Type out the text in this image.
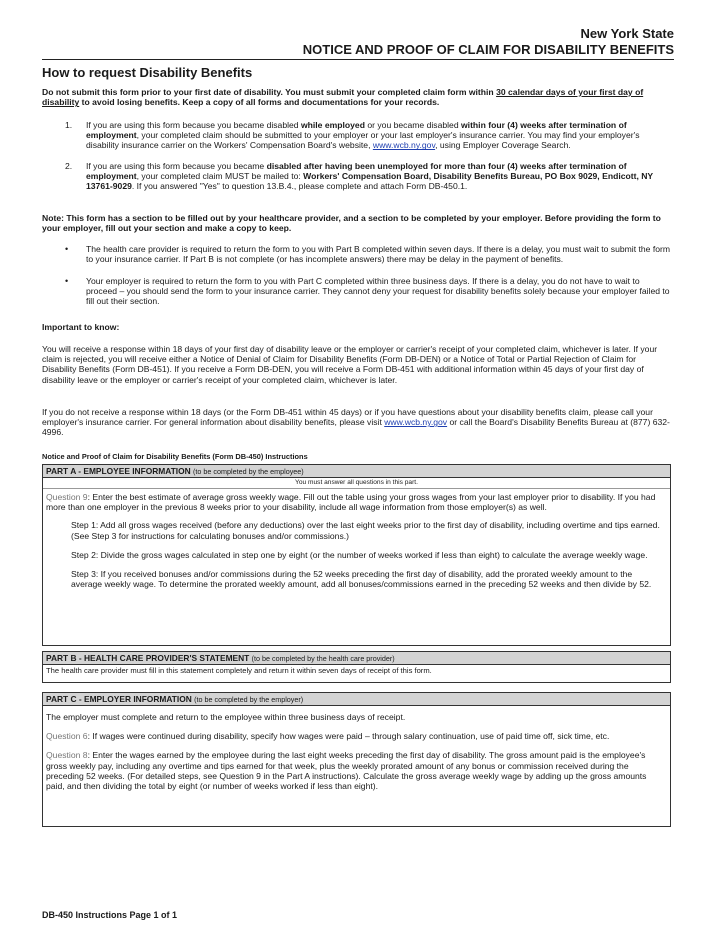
New York State
NOTICE AND PROOF OF CLAIM FOR DISABILITY BENEFITS
How to request Disability Benefits
Do not submit this form prior to your first date of disability. You must submit your completed claim form within 30 calendar days of your first day of disability to avoid losing benefits. Keep a copy of all forms and documentations for your records.
1. If you are using this form because you became disabled while employed or you became disabled within four (4) weeks after termination of employment, your completed claim should be submitted to your employer or your last employer's insurance carrier. You may find your employer's disability insurance carrier on the Workers' Compensation Board's website, www.wcb.ny.gov, using Employer Coverage Search.
2. If you are using this form because you became disabled after having been unemployed for more than four (4) weeks after termination of employment, your completed claim MUST be mailed to: Workers' Compensation Board, Disability Benefits Bureau, PO Box 9029, Endicott, NY 13761-9029. If you answered "Yes" to question 13.B.4., please complete and attach Form DB-450.1.
Note: This form has a section to be filled out by your healthcare provider, and a section to be completed by your employer. Before providing the form to your employer, fill out your section and make a copy to keep.
• The health care provider is required to return the form to you with Part B completed within seven days. If there is a delay, you must wait to submit the form to your insurance carrier. If Part B is not complete (or has incomplete answers) there may be delay in the payment of benefits.
• Your employer is required to return the form to you with Part C completed within three business days. If there is a delay, you do not have to wait to proceed – you should send the form to your insurance carrier. They cannot deny your request for disability benefits solely because your employer failed to fill out their section.
Important to know:
You will receive a response within 18 days of your first day of disability leave or the employer or carrier's receipt of your completed claim, whichever is later. If your claim is rejected, you will receive either a Notice of Denial of Claim for Disability Benefits (Form DB-DEN) or a Notice of Total or Partial Rejection of Claim for Disability Benefits (Form DB-451). If you receive a Form DB-DEN, you will receive a Form DB-451 with additional information within 45 days of your first day of disability leave or the employer or carrier's receipt of your completed claim, whichever is later.
If you do not receive a response within 18 days (or the Form DB-451 within 45 days) or if you have questions about your disability benefits claim, please call your employer's insurance carrier. For general information about disability benefits, please visit www.wcb.ny.gov or call the Board's Disability Benefits Bureau at (877) 632-4996.
Notice and Proof of Claim for Disability Benefits (Form DB-450) Instructions
PART A - EMPLOYEE INFORMATION (to be completed by the employee)
You must answer all questions in this part.
Question 9: Enter the best estimate of average gross weekly wage. Fill out the table using your gross wages from your last employer prior to disability. If you had more than one employer in the previous 8 weeks prior to your disability, include all wage information from those employer(s) as well.
Step 1: Add all gross wages received (before any deductions) over the last eight weeks prior to the first day of disability, including overtime and tips earned. (See Step 3 for instructions for calculating bonuses and/or commissions.)
Step 2: Divide the gross wages calculated in step one by eight (or the number of weeks worked if less than eight) to calculate the average weekly wage.
Step 3: If you received bonuses and/or commissions during the 52 weeks preceding the first day of disability, add the prorated weekly amount to the average weekly wage. To determine the prorated weekly amount, add all bonuses/commissions earned in the preceding 52 weeks and then divide by 52.
PART B - HEALTH CARE PROVIDER'S STATEMENT (to be completed by the health care provider)
The health care provider must fill in this statement completely and return it within seven days of receipt of this form.
PART C - EMPLOYER INFORMATION (to be completed by the employer)
The employer must complete and return to the employee within three business days of receipt.
Question 6: If wages were continued during disability, specify how wages were paid – through salary continuation, use of paid time off, sick time, etc.
Question 8: Enter the wages earned by the employee during the last eight weeks preceding the first day of disability. The gross amount paid is the employee's gross weekly pay, including any overtime and tips earned for that week, plus the weekly prorated amount of any bonus or commission received during the preceding 52 weeks. (For detailed steps, see Question 9 in the Part A instructions). Calculate the gross average weekly wage by adding up the gross amounts paid, and then dividing the total by eight (or number of weeks worked if less than eight).
DB-450 Instructions Page 1 of 1
